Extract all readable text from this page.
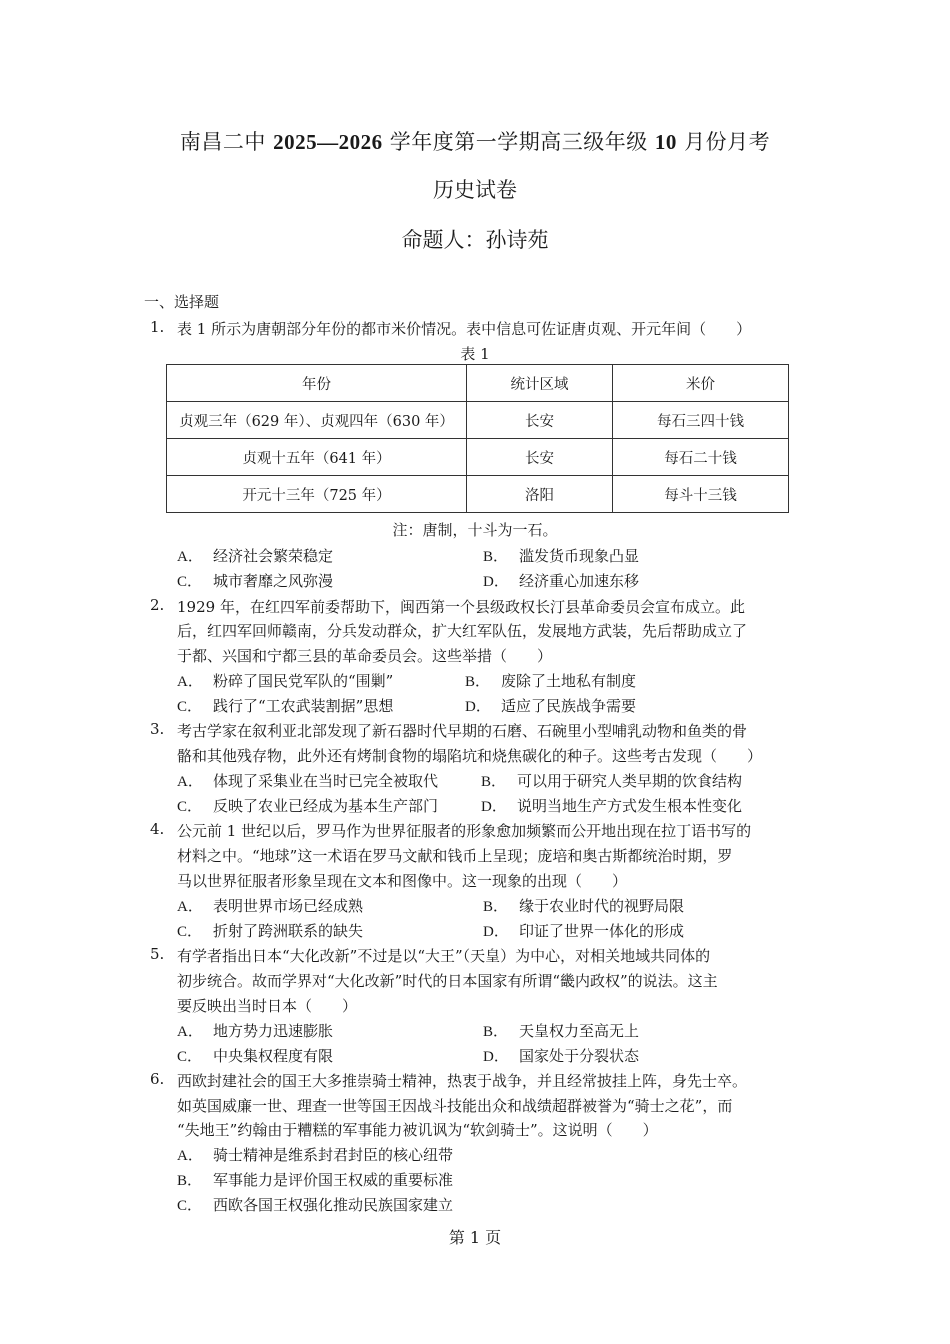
南昌二中 2025—2026 学年度第一学期高三级年级 10 月份月考
历史试卷
命题人：孙诗苑
一、选择题
1. 表 1 所示为唐朝部分年份的都市米价情况。表中信息可佐证唐贞观、开元年间（　　）
表 1
年份	统计区域	米价
贞观三年（629 年）、贞观四年（630 年）	长安	每石三四十钱
贞观十五年（641 年）	长安	每石二十钱
开元十三年（725 年）	洛阳	每斗十三钱
注：唐制，十斗为一石。
A． 经济社会繁荣稳定	B． 滥发货币现象凸显
C． 城市奢靡之风弥漫	D． 经济重心加速东移
2. 1929 年，在红四军前委帮助下，闽西第一个县级政权长汀县革命委员会宣布成立。此
后，红四军回师赣南，分兵发动群众，扩大红军队伍，发展地方武装，先后帮助成立了
于都、兴国和宁都三县的革命委员会。这些举措（　　）
A． 粉碎了国民党军队的“围剿”	B． 废除了土地私有制度
C． 践行了“工农武装割据”思想	D． 适应了民族战争需要
3. 考古学家在叙利亚北部发现了新石器时代早期的石磨、石碗里小型哺乳动物和鱼类的骨
骼和其他残存物，此外还有烤制食物的塌陷坑和烧焦碳化的种子。这些考古发现（　　）
A． 体现了采集业在当时已完全被取代	B． 可以用于研究人类早期的饮食结构
C． 反映了农业已经成为基本生产部门	D． 说明当地生产方式发生根本性变化
4. 公元前 1 世纪以后，罗马作为世界征服者的形象愈加频繁而公开地出现在拉丁语书写的
材料之中。“地球”这一术语在罗马文献和钱币上呈现；庞培和奥古斯都统治时期，罗
马以世界征服者形象呈现在文本和图像中。这一现象的出现（　　）
A． 表明世界市场已经成熟	B． 缘于农业时代的视野局限
C． 折射了跨洲联系的缺失	D． 印证了世界一体化的形成
5. 有学者指出日本“大化改新”不过是以“大王”（天皇）为中心，对相关地域共同体的
初步统合。故而学界对“大化改新”时代的日本国家有所谓“畿内政权”的说法。这主
要反映出当时日本（　　）
A． 地方势力迅速膨胀	B． 天皇权力至高无上
C． 中央集权程度有限	D． 国家处于分裂状态
6. 西欧封建社会的国王大多推崇骑士精神，热衷于战争，并且经常披挂上阵，身先士卒。
如英国威廉一世、理查一世等国王因战斗技能出众和战绩超群被誉为“骑士之花”，而
“失地王”约翰由于糟糕的军事能力被讥讽为“软剑骑士”。这说明（　　）
A． 骑士精神是维系封君封臣的核心纽带
B． 军事能力是评价国王权威的重要标准
C． 西欧各国王权强化推动民族国家建立
第 1 页
